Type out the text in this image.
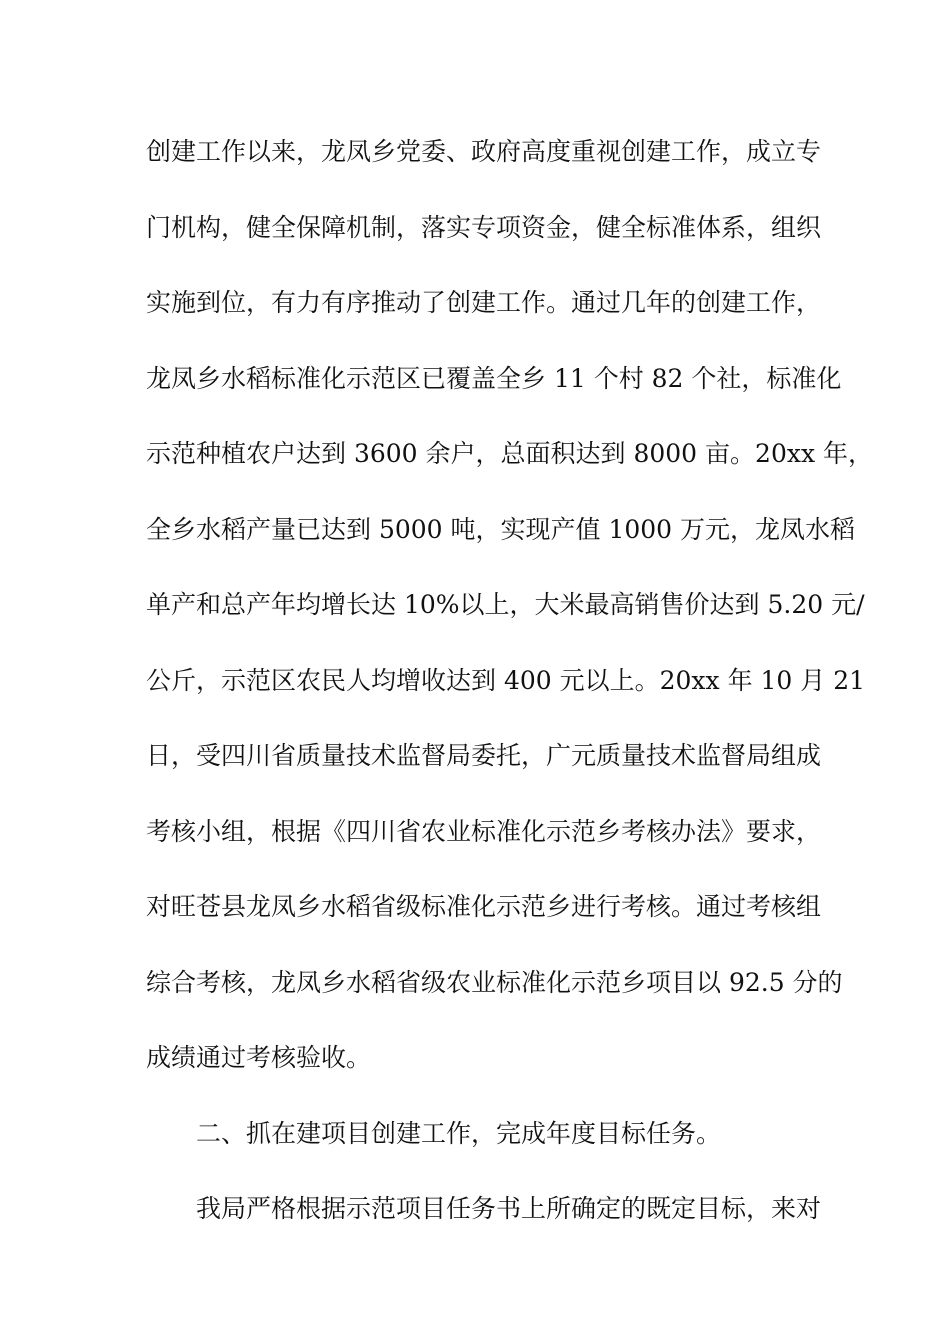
创建工作以来，龙凤乡党委、政府高度重视创建工作，成立专
门机构，健全保障机制，落实专项资金，健全标准体系，组织
实施到位，有力有序推动了创建工作。通过几年的创建工作，
龙凤乡水稻标准化示范区已覆盖全乡 11 个村 82 个社，标准化
示范种植农户达到 3600 余户，总面积达到 8000 亩。20xx 年，
全乡水稻产量已达到 5000 吨，实现产值 1000 万元，龙凤水稻
单产和总产年均增长达 10%以上，大米最高销售价达到 5.20 元/
公斤，示范区农民人均增收达到 400 元以上。20xx 年 10 月 21
日，受四川省质量技术监督局委托，广元质量技术监督局组成
考核小组，根据《四川省农业标准化示范乡考核办法》要求，
对旺苍县龙凤乡水稻省级标准化示范乡进行考核。通过考核组
综合考核，龙凤乡水稻省级农业标准化示范乡项目以 92.5 分的
成绩通过考核验收。
二、抓在建项目创建工作，完成年度目标任务。
我局严格根据示范项目任务书上所确定的既定目标，来对
